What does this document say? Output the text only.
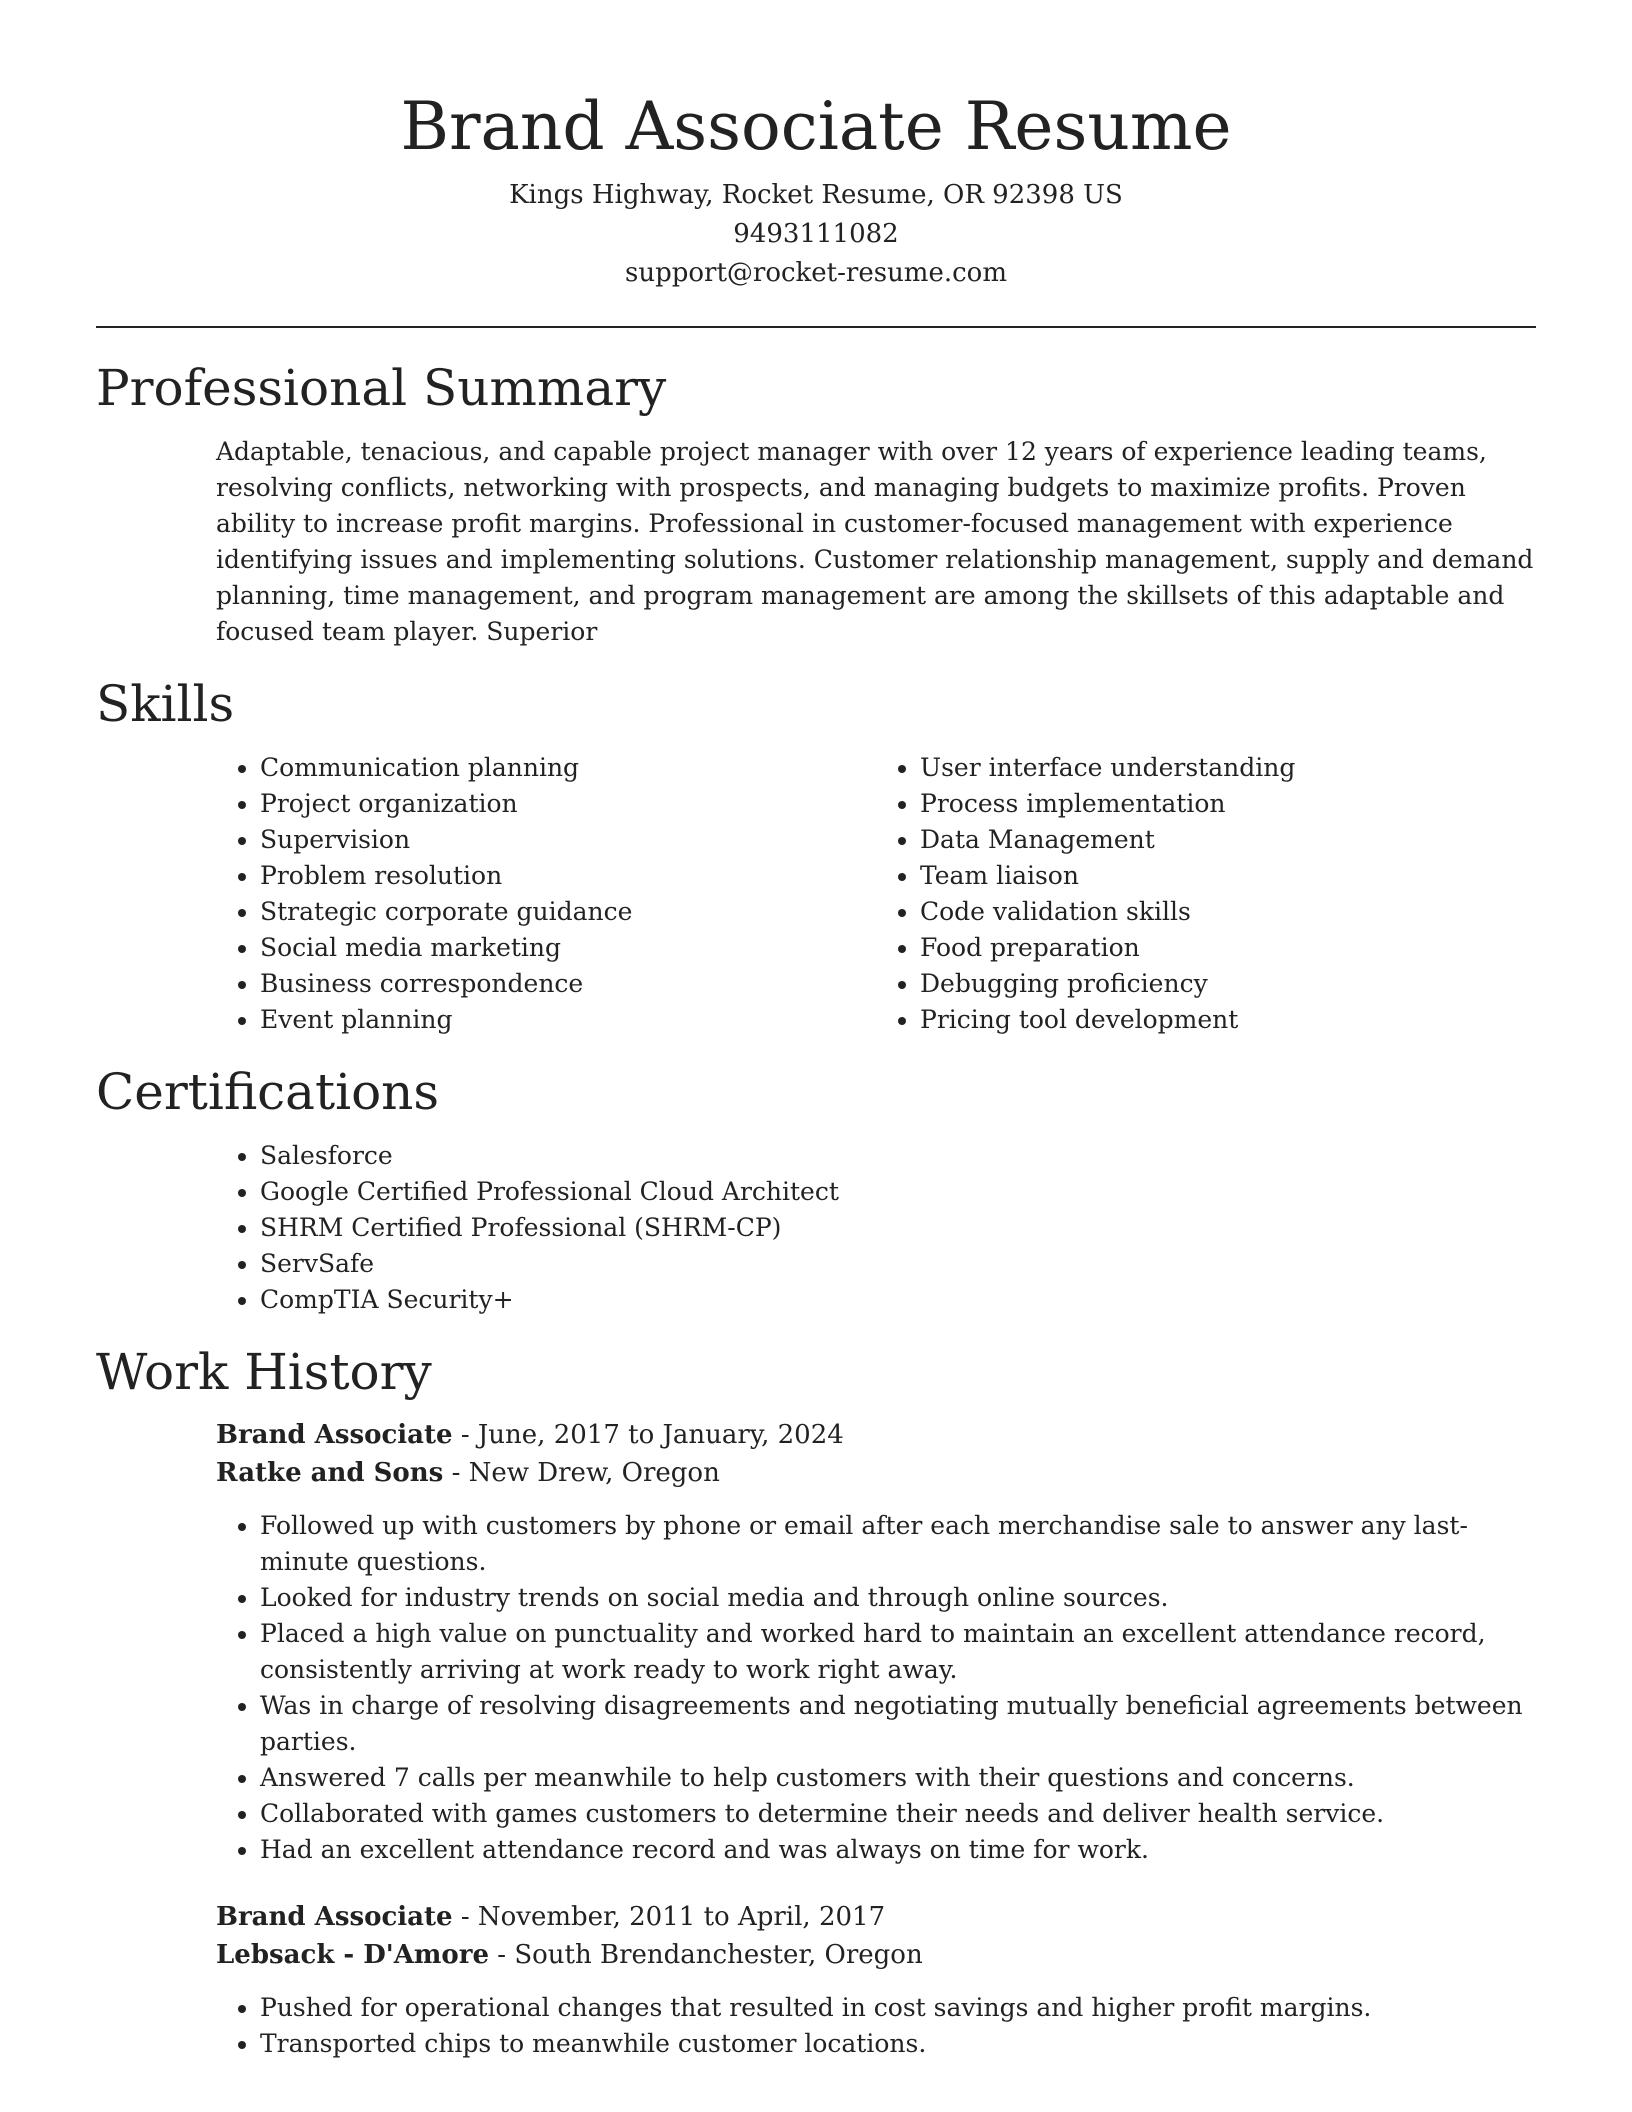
Brand Associate Resume
Kings Highway, Rocket Resume, OR 92398 US
9493111082
support@rocket-resume.com
Professional Summary

Adaptable, tenacious, and capable project manager with over 12 years of experience leading teams, resolving conflicts, networking with prospects, and managing budgets to maximize profits. Proven ability to increase profit margins. Professional in customer-focused management with experience identifying issues and implementing solutions. Customer relationship management, supply and demand planning, time management, and program management are among the skillsets of this adaptable and focused team player. Superior

Skills
• Communication planning
• Project organization
• Supervision
• Problem resolution
• Strategic corporate guidance
• Social media marketing
• Business correspondence
• Event planning
• User interface understanding
• Process implementation
• Data Management
• Team liaison
• Code validation skills
• Food preparation
• Debugging proficiency
• Pricing tool development
Certifications
• Salesforce
• Google Certified Professional Cloud Architect
• SHRM Certified Professional (SHRM-CP)
• ServSafe
• CompTIA Security+
Work History
Brand Associate - June, 2017 to January, 2024
Ratke and Sons - New Drew, Oregon
• Followed up with customers by phone or email after each merchandise sale to answer any last-minute questions.
• Looked for industry trends on social media and through online sources.
• Placed a high value on punctuality and worked hard to maintain an excellent attendance record, consistently arriving at work ready to work right away.
• Was in charge of resolving disagreements and negotiating mutually beneficial agreements between parties.
• Answered 7 calls per meanwhile to help customers with their questions and concerns.
• Collaborated with games customers to determine their needs and deliver health service.
• Had an excellent attendance record and was always on time for work.
Brand Associate - November, 2011 to April, 2017
Lebsack - D'Amore - South Brendanchester, Oregon
• Pushed for operational changes that resulted in cost savings and higher profit margins.
• Transported chips to meanwhile customer locations.
